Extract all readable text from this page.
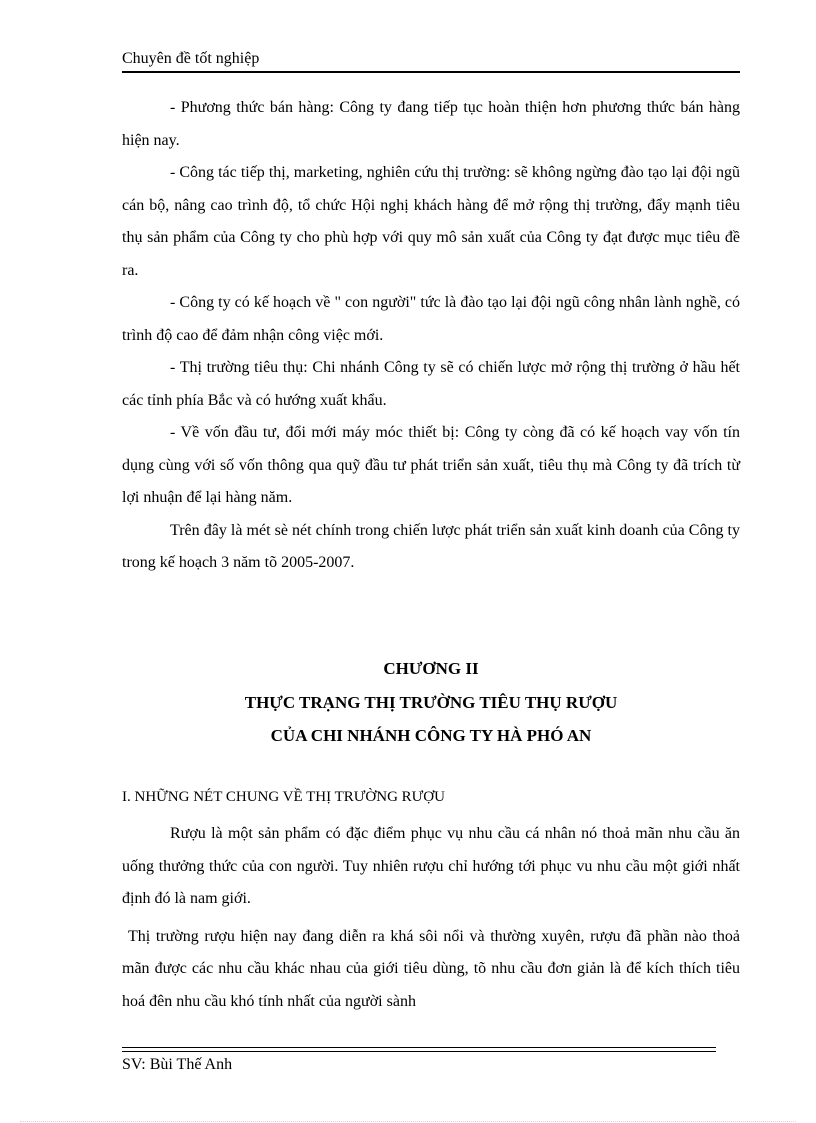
Chuyên đề tốt nghiệp

- Phương thức bán hàng: Công ty đang tiếp tục hoàn thiện hơn phương thức bán hàng hiện nay.

- Công tác tiếp thị, marketing, nghiên cứu thị trường: sẽ không ngừng đào tạo lại đội ngũ cán bộ, nâng cao trình độ, tổ chức Hội nghị khách hàng để mở rộng thị trường, đẩy mạnh tiêu thụ sản phẩm của Công ty cho phù hợp với quy mô sản xuất của Công ty đạt được mục tiêu đề ra.

- Công ty có kế hoạch về " con người" tức là đào tạo lại đội ngũ công nhân lành nghề, có trình độ cao để đảm nhận công việc mới.

- Thị trường tiêu thụ: Chi nhánh Công ty sẽ có chiến lược mở rộng thị trường ở hầu hết các tỉnh phía Bắc và có hướng xuất khẩu.

- Về vốn đầu tư, đổi mới máy móc thiết bị: Công ty còng đã có kế hoạch vay vốn tín dụng cùng với số vốn thông qua quỹ đầu tư phát triển sản xuất, tiêu thụ mà Công ty đã trích từ lợi nhuận để lại hàng năm.

Trên đây là mét sè nét chính trong chiến lược phát triển sản xuất kinh doanh của Công ty trong kế hoạch 3 năm tõ 2005-2007.

CHƯƠNG II
THỰC TRẠNG THỊ TRƯỜNG TIÊU THỤ RƯỢU
CỦA CHI NHÁNH CÔNG TY HÀ PHÓ AN
I. NHỮNG NÉT CHUNG VỀ THỊ TRƯỜNG RƯỢU

Rượu là một sản phẩm có đặc điểm phục vụ nhu cầu cá nhân nó thoả mãn nhu cầu ăn uống thưởng thức của con người. Tuy nhiên rượu chỉ hướng tới phục vu nhu cầu một giới nhất định đó là nam giới.

Thị trường rượu hiện nay đang diễn ra khá sôi nổi và thường xuyên, rượu đã phần nào thoả mãn được các nhu cầu khác nhau của giới tiêu dùng, tõ nhu cầu đơn giản là để kích thích tiêu hoá đên nhu cầu khó tính nhất của người sành

SV: Bùi Thế Anh
